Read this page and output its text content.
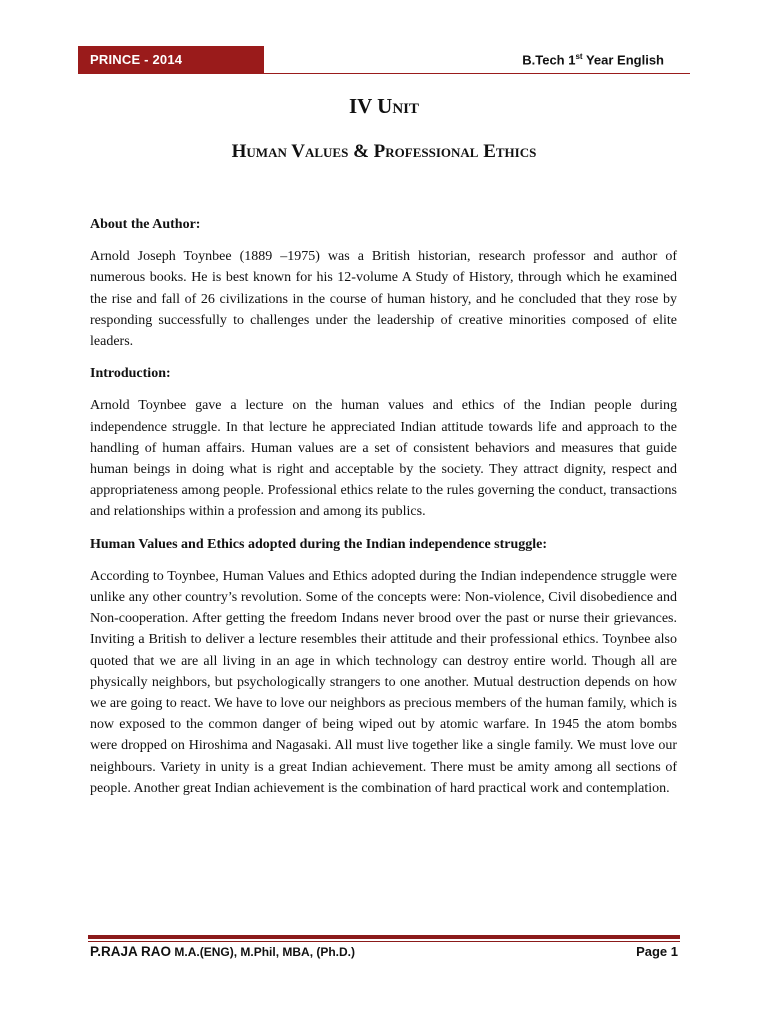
PRINCE - 2014	B.Tech 1st Year English
IV Unit
Human Values & Professional Ethics
About the Author:

Arnold Joseph Toynbee (1889 –1975) was a British historian, research professor and author of numerous books. He is best known for his 12-volume A Study of History, through which he examined the rise and fall of 26 civilizations in the course of human history, and he concluded that they rose by responding successfully to challenges under the leadership of creative minorities composed of elite leaders.

Introduction:

Arnold Toynbee gave a lecture on the human values and ethics of the Indian people during independence struggle. In that lecture he appreciated Indian attitude towards life and approach to the handling of human affairs. Human values are a set of consistent behaviors and measures that guide human beings in doing what is right and acceptable by the society. They attract dignity, respect and appropriateness among people. Professional ethics relate to the rules governing the conduct, transactions and relationships within a profession and among its publics.

Human Values and Ethics adopted during the Indian independence struggle:

According to Toynbee, Human Values and Ethics adopted during the Indian independence struggle were unlike any other country’s revolution. Some of the concepts were: Non-violence, Civil disobedience and Non-cooperation. After getting the freedom Indans never brood over the past or nurse their grievances. Inviting a British to deliver a lecture resembles their attitude and their professional ethics. Toynbee also quoted that we are all living in an age in which technology can destroy entire world. Though all are physically neighbors, but psychologically strangers to one another. Mutual destruction depends on how we are going to react. We have to love our neighbors as precious members of the human family, which is now exposed to the common danger of being wiped out by atomic warfare. In 1945 the atom bombs were dropped on Hiroshima and Nagasaki. All must live together like a single family. We must love our neighbours. Variety in unity is a great Indian achievement. There must be amity among all sections of people. Another great Indian achievement is the combination of hard practical work and contemplation.

P.RAJA RAO M.A.(ENG), M.Phil, MBA, (Ph.D.)	Page 1
